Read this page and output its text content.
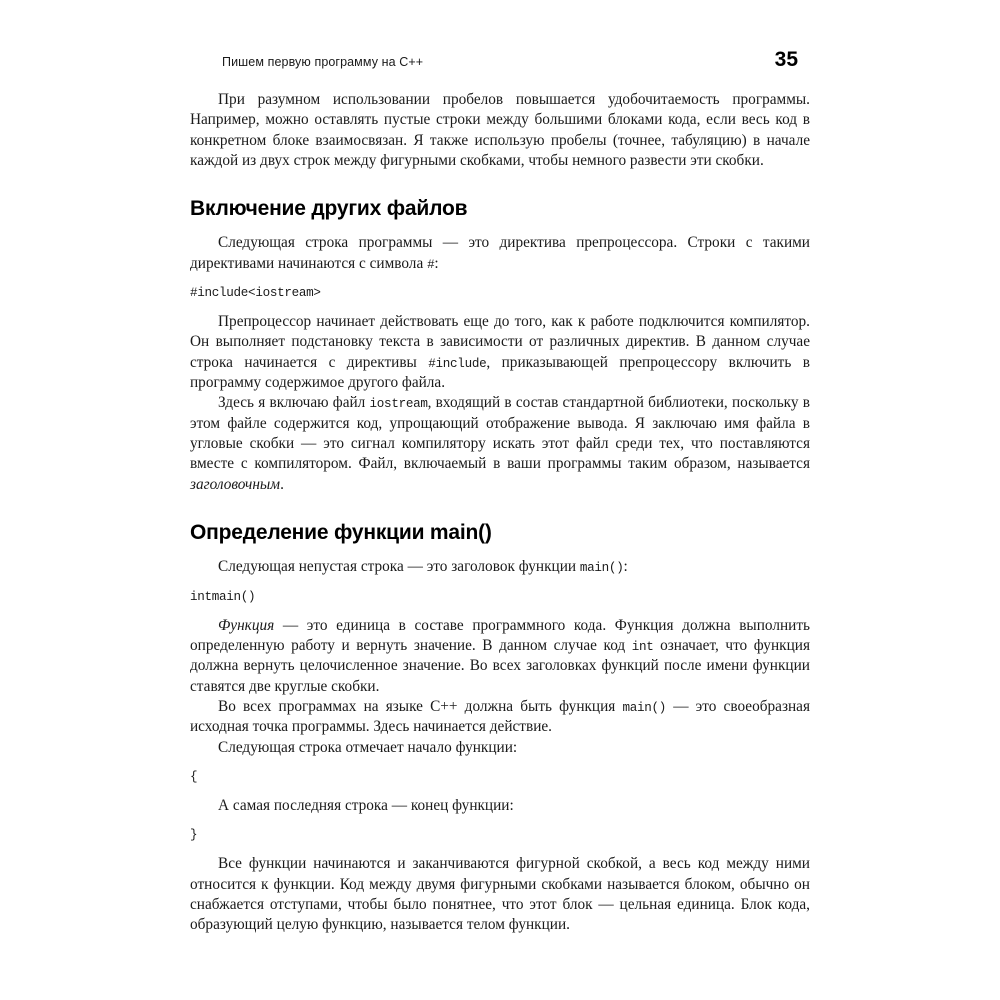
Пишем первую программу на C++	35

При разумном использовании пробелов повышается удобочитаемость программы. Например, можно оставлять пустые строки между большими блоками кода, если весь код в конкретном блоке взаимосвязан. Я также использую пробелы (точнее, табуляцию) в начале каждой из двух строк между фигурными скобками, чтобы немного развести эти скобки.

Включение других файлов

Следующая строка программы — это директива препроцессора. Строки с такими директивами начинаются с символа #:

#include<iostream>

Препроцессор начинает действовать еще до того, как к работе подключится компилятор. Он выполняет подстановку текста в зависимости от различных директив. В данном случае строка начинается с директивы #include, приказывающей препроцессору включить в программу содержимое другого файла.

Здесь я включаю файл iostream, входящий в состав стандартной библиотеки, поскольку в этом файле содержится код, упрощающий отображение вывода. Я заключаю имя файла в угловые скобки — это сигнал компилятору искать этот файл среди тех, что поставляются вместе с компилятором. Файл, включаемый в ваши программы таким образом, называется заголовочным.

Определение функции main()

Следующая непустая строка — это заголовок функции main():

intmain()

Функция — это единица в составе программного кода. Функция должна выполнить определенную работу и вернуть значение. В данном случае код int означает, что функция должна вернуть целочисленное значение. Во всех заголовках функций после имени функции ставятся две круглые скобки.

Во всех программах на языке C++ должна быть функция main() — это своеобразная исходная точка программы. Здесь начинается действие.

Следующая строка отмечает начало функции:

{

А самая последняя строка — конец функции:

}

Все функции начинаются и заканчиваются фигурной скобкой, а весь код между ними относится к функции. Код между двумя фигурными скобками называется блоком, обычно он снабжается отступами, чтобы было понятнее, что этот блок — цельная единица. Блок кода, образующий целую функцию, называется телом функции.
